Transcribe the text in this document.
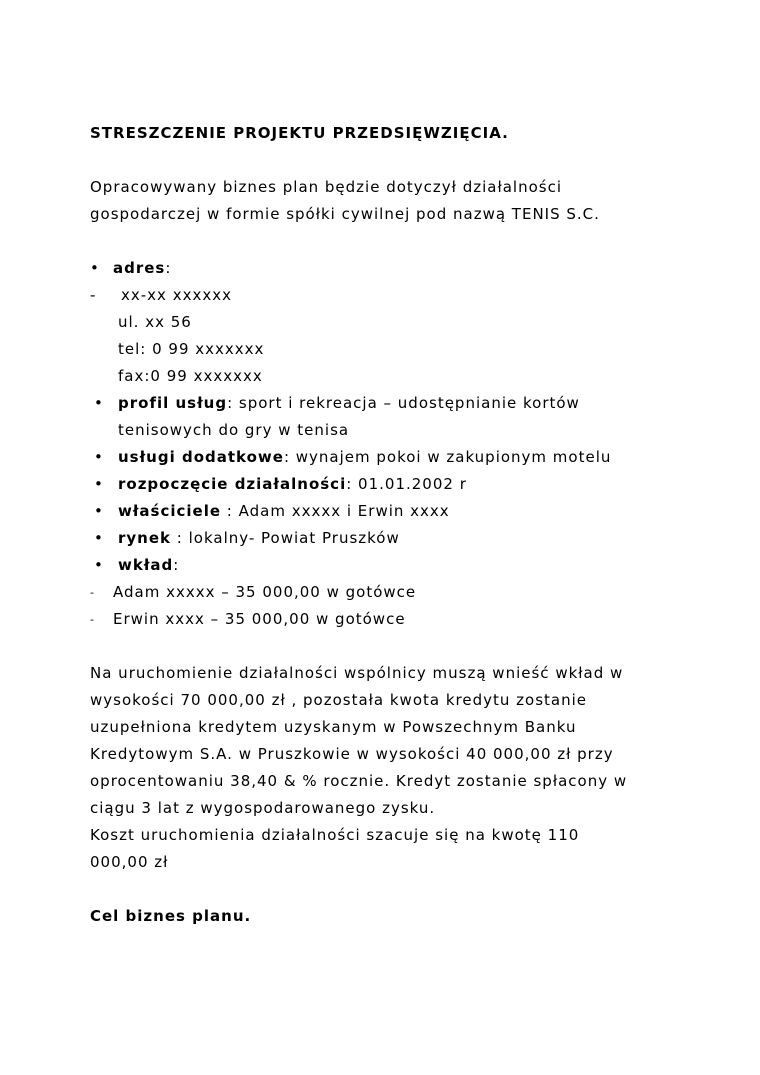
STRESZCZENIE PROJEKTU PRZEDSIĘWZIĘCIA.
Opracowywany biznes plan będzie dotyczył działalności
gospodarczej w formie spółki cywilnej pod nazwą TENIS S.C.
• adres:
- xx-xx xxxxxx
ul. xx 56
tel: 0 99 xxxxxxx
fax:0 99 xxxxxxx
• profil usług: sport i rekreacja – udostępnianie kortów
tenisowych do gry w tenisa
• usługi dodatkowe: wynajem pokoi w zakupionym motelu
• rozpoczęcie działalności: 01.01.2002 r
• właściciele : Adam xxxxx i Erwin xxxx
• rynek : lokalny- Powiat Pruszków
• wkład:
- Adam xxxxx – 35 000,00 w gotówce
- Erwin xxxx – 35 000,00 w gotówce
Na uruchomienie działalności wspólnicy muszą wnieść wkład w
wysokości 70 000,00 zł , pozostała kwota kredytu zostanie
uzupełniona kredytem uzyskanym w Powszechnym Banku
Kredytowym S.A. w Pruszkowie w wysokości 40 000,00 zł przy
oprocentowaniu 38,40 & % rocznie. Kredyt zostanie spłacony w
ciągu 3 lat z wygospodarowanego zysku.
Koszt uruchomienia działalności szacuje się na kwotę 110
000,00 zł
Cel biznes planu.
